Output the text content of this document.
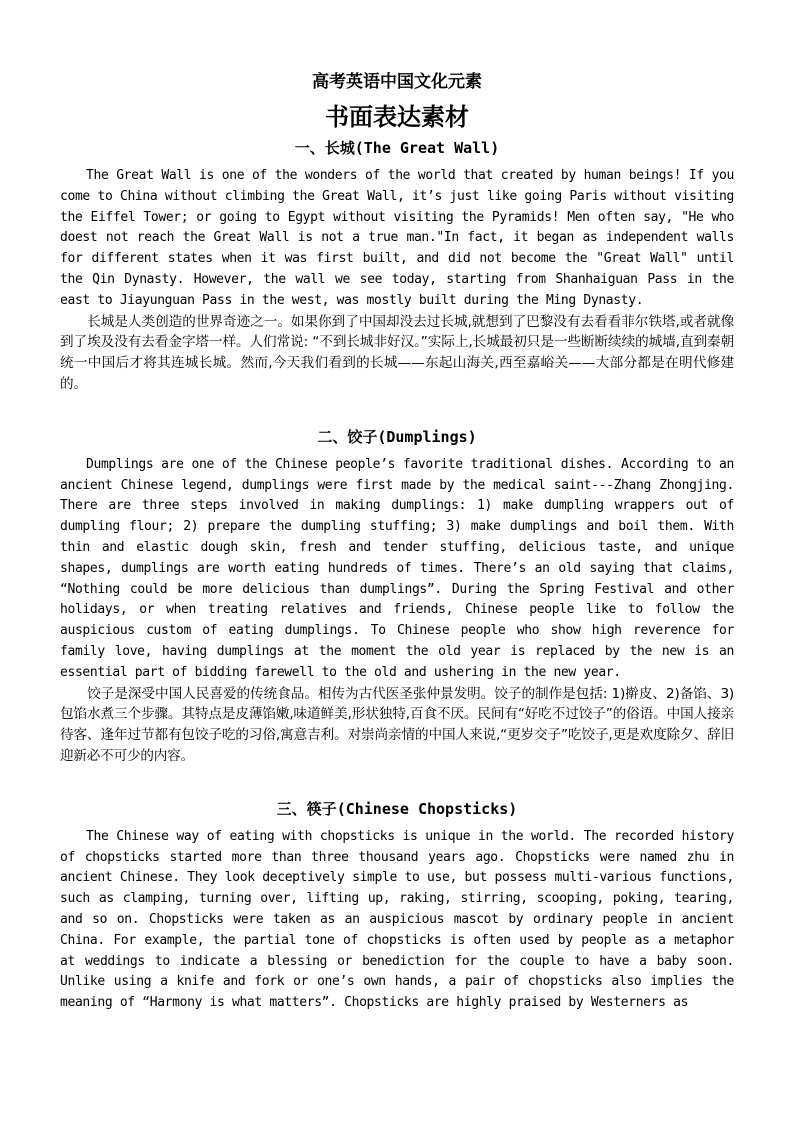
高考英语中国文化元素
书面表达素材
一、长城(The Great Wall)

The Great Wall is one of the wonders of the world that created by human beings! If you come to China without climbing the Great Wall, it’s just like going Paris without visiting the Eiffel Tower; or going to Egypt without visiting the Pyramids! Men often say, "He who doest not reach the Great Wall is not a true man."In fact, it began as independent walls for different states when it was first built, and did not become the "Great Wall" until the Qin Dynasty. However, the wall we see today, starting from Shanhaiguan Pass in the east to Jiayunguan Pass in the west, was mostly built during the Ming Dynasty.

长城是人类创造的世界奇迹之一。如果你到了中国却没去过长城,就想到了巴黎没有去看看菲尔铁塔,或者就像到了埃及没有去看金字塔一样。人们常说: “不到长城非好汉。”实际上,长城最初只是一些断断续续的城墙,直到秦朝统一中国后才将其连城长城。然而,今天我们看到的长城——东起山海关,西至嘉峪关——大部分都是在明代修建的。

二、饺子(Dumplings)

Dumplings are one of the Chinese people’s favorite traditional dishes. According to an ancient Chinese legend, dumplings were first made by the medical saint---Zhang Zhongjing. There are three steps involved in making dumplings: 1) make dumpling wrappers out of dumpling flour; 2) prepare the dumpling stuffing; 3) make dumplings and boil them. With thin and elastic dough skin, fresh and tender stuffing, delicious taste, and unique shapes, dumplings are worth eating hundreds of times. There’s an old saying that claims, “Nothing could be more delicious than dumplings”. During the Spring Festival and other holidays, or when treating relatives and friends, Chinese people like to follow the auspicious custom of eating dumplings. To Chinese people who show high reverence for family love, having dumplings at the moment the old year is replaced by the new is an essential part of bidding farewell to the old and ushering in the new year.

饺子是深受中国人民喜爱的传统食品。相传为古代医圣张仲景发明。饺子的制作是包括: 1)擀皮、2)备馅、3)包馅水煮三个步骤。其特点是皮薄馅嫩,味道鲜美,形状独特,百食不厌。民间有“好吃不过饺子”的俗语。中国人接亲待客、逢年过节都有包饺子吃的习俗,寓意吉利。对崇尚亲情的中国人来说,“更岁交子”吃饺子,更是欢度除夕、辞旧迎新必不可少的内容。

三、筷子(Chinese Chopsticks)

The Chinese way of eating with chopsticks is unique in the world. The recorded history of chopsticks started more than three thousand years ago. Chopsticks were named zhu in ancient Chinese. They look deceptively simple to use, but possess multi-various functions, such as clamping, turning over, lifting up, raking, stirring, scooping, poking, tearing, and so on. Chopsticks were taken as an auspicious mascot by ordinary people in ancient China. For example, the partial tone of chopsticks is often used by people as a metaphor at weddings to indicate a blessing or benediction for the couple to have a baby soon. Unlike using a knife and fork or one’s own hands, a pair of chopsticks also implies the meaning of “Harmony is what matters”. Chopsticks are highly praised by Westerners as
